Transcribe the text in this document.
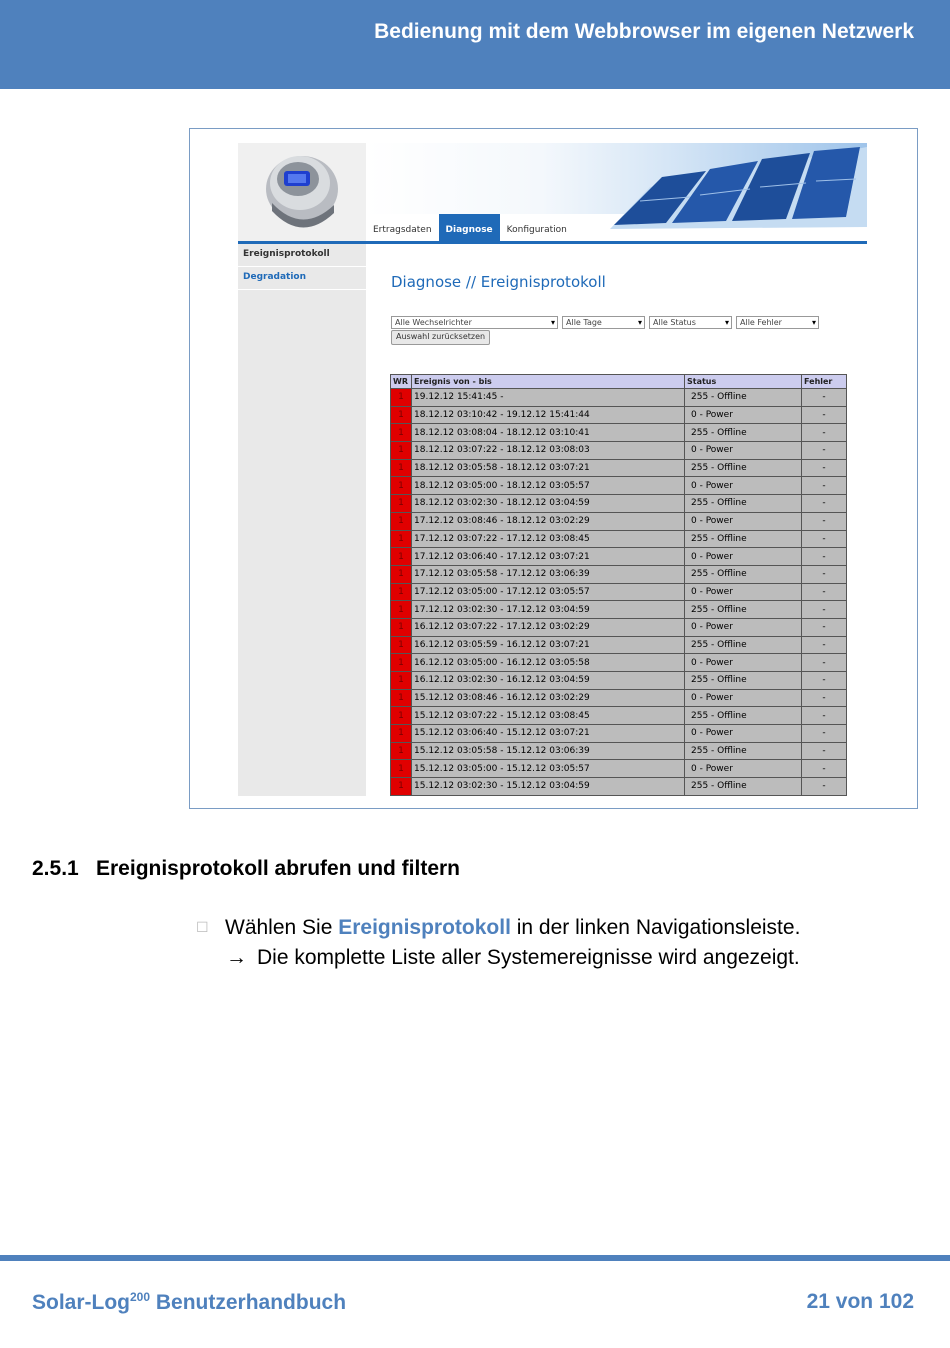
Bedienung mit dem Webbrowser im eigenen Netzwerk
Ertragsdaten	Diagnose	Konfiguration
Ereignisprotokoll
Degradation	Diagnose // Ereignisprotokoll
Alle Wechselrichter	▾	Alle Tage	▾	Alle Status	▾	Alle Fehler	▾
Auswahl zurücksetzen
WR	Ereignis von - bis	Status	Fehler
1	19.12.12 15:41:45 -	255 - Offline	-
1	18.12.12 03:10:42 - 19.12.12 15:41:44	0 - Power	-
1	18.12.12 03:08:04 - 18.12.12 03:10:41	255 - Offline	-
1	18.12.12 03:07:22 - 18.12.12 03:08:03	0 - Power	-
1	18.12.12 03:05:58 - 18.12.12 03:07:21	255 - Offline	-
1	18.12.12 03:05:00 - 18.12.12 03:05:57	0 - Power	-
1	18.12.12 03:02:30 - 18.12.12 03:04:59	255 - Offline	-
1	17.12.12 03:08:46 - 18.12.12 03:02:29	0 - Power	-
1	17.12.12 03:07:22 - 17.12.12 03:08:45	255 - Offline	-
1	17.12.12 03:06:40 - 17.12.12 03:07:21	0 - Power	-
1	17.12.12 03:05:58 - 17.12.12 03:06:39	255 - Offline	-
1	17.12.12 03:05:00 - 17.12.12 03:05:57	0 - Power	-
1	17.12.12 03:02:30 - 17.12.12 03:04:59	255 - Offline	-
1	16.12.12 03:07:22 - 17.12.12 03:02:29	0 - Power	-
1	16.12.12 03:05:59 - 16.12.12 03:07:21	255 - Offline	-
1	16.12.12 03:05:00 - 16.12.12 03:05:58	0 - Power	-
1	16.12.12 03:02:30 - 16.12.12 03:04:59	255 - Offline	-
1	15.12.12 03:08:46 - 16.12.12 03:02:29	0 - Power	-
1	15.12.12 03:07:22 - 15.12.12 03:08:45	255 - Offline	-
1	15.12.12 03:06:40 - 15.12.12 03:07:21	0 - Power	-
1	15.12.12 03:05:58 - 15.12.12 03:06:39	255 - Offline	-
1	15.12.12 03:05:00 - 15.12.12 03:05:57	0 - Power	-
1	15.12.12 03:02:30 - 15.12.12 03:04:59	255 - Offline	-
2.5.1 Ereignisprotokoll abrufen und filtern
☐ Wählen Sie Ereignisprotokoll in der linken Navigationsleiste.
→ Die komplette Liste aller Systemereignisse wird angezeigt.
Solar-Log$^{200}$ Benutzerhandbuch	21 von 102
